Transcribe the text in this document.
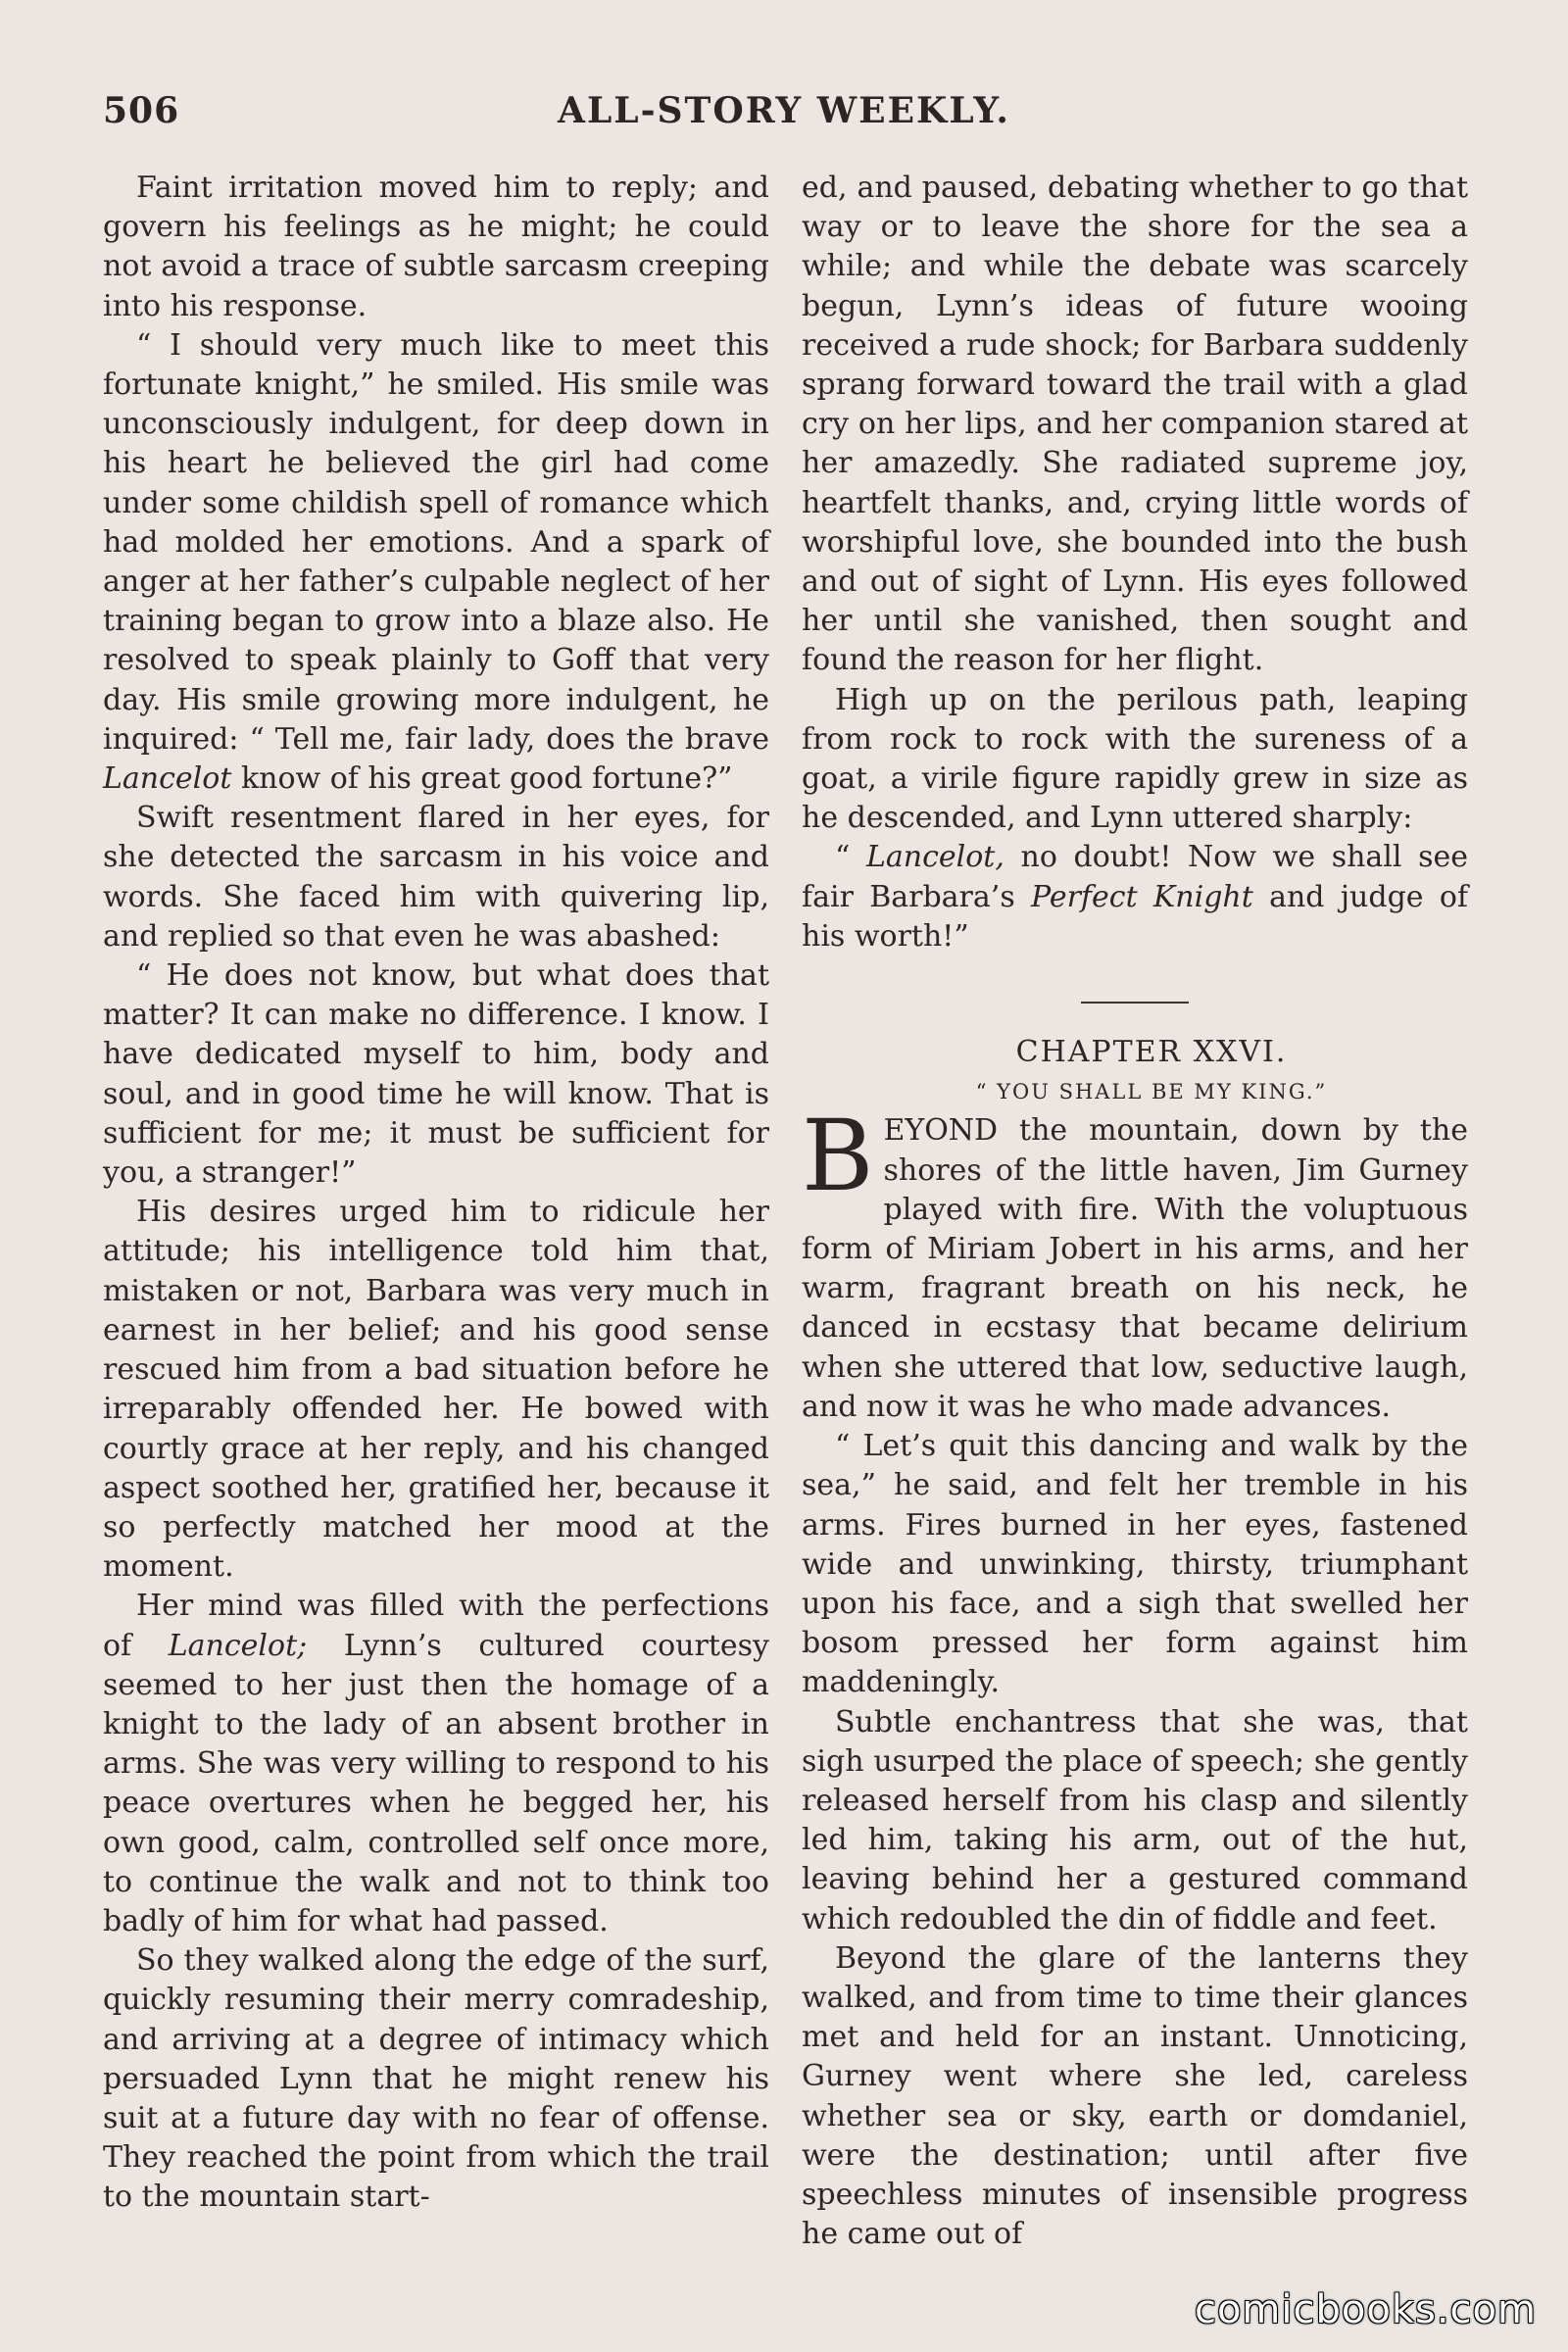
506	ALL-STORY WEEKLY.

Faint irritation moved him to reply; and govern his feelings as he might; he could not avoid a trace of subtle sarcasm creeping into his response.

“ I should very much like to meet this fortunate knight,” he smiled. His smile was unconsciously indulgent, for deep down in his heart he believed the girl had come under some childish spell of romance which had molded her emotions. And a spark of anger at her father’s culpable neglect of her training began to grow into a blaze also. He resolved to speak plainly to Goff that very day. His smile growing more indulgent, he inquired: “ Tell me, fair lady, does the brave Lancelot know of his great good fortune?”

Swift resentment flared in her eyes, for she detected the sarcasm in his voice and words. She faced him with quivering lip, and replied so that even he was abashed:

“ He does not know, but what does that matter? It can make no difference. I know. I have dedicated myself to him, body and soul, and in good time he will know. That is sufficient for me; it must be sufficient for you, a stranger!”

His desires urged him to ridicule her attitude; his intelligence told him that, mistaken or not, Barbara was very much in earnest in her belief; and his good sense rescued him from a bad situation before he irreparably offended her. He bowed with courtly grace at her reply, and his changed aspect soothed her, gratified her, because it so perfectly matched her mood at the moment.

Her mind was filled with the perfections of Lancelot; Lynn’s cultured courtesy seemed to her just then the homage of a knight to the lady of an absent brother in arms. She was very willing to respond to his peace overtures when he begged her, his own good, calm, controlled self once more, to continue the walk and not to think too badly of him for what had passed.

So they walked along the edge of the surf, quickly resuming their merry comradeship, and arriving at a degree of intimacy which persuaded Lynn that he might renew his suit at a future day with no fear of offense. They reached the point from which the trail to the mountain start-

ed, and paused, debating whether to go that way or to leave the shore for the sea a while; and while the debate was scarcely begun, Lynn’s ideas of future wooing received a rude shock; for Barbara suddenly sprang forward toward the trail with a glad cry on her lips, and her companion stared at her amazedly. She radiated supreme joy, heartfelt thanks, and, crying little words of worshipful love, she bounded into the bush and out of sight of Lynn. His eyes followed her until she vanished, then sought and found the reason for her flight.

High up on the perilous path, leaping from rock to rock with the sureness of a goat, a virile figure rapidly grew in size as he descended, and Lynn uttered sharply:

“ Lancelot, no doubt! Now we shall see fair Barbara’s Perfect Knight and judge of his worth!”

CHAPTER XXVI.

“ YOU SHALL BE MY KING.”

BEYOND the mountain, down by the shores of the little haven, Jim Gurney played with fire. With the voluptuous form of Miriam Jobert in his arms, and her warm, fragrant breath on his neck, he danced in ecstasy that became delirium when she uttered that low, seductive laugh, and now it was he who made advances.

“ Let’s quit this dancing and walk by the sea,” he said, and felt her tremble in his arms. Fires burned in her eyes, fastened wide and unwinking, thirsty, triumphant upon his face, and a sigh that swelled her bosom pressed her form against him maddeningly.

Subtle enchantress that she was, that sigh usurped the place of speech; she gently released herself from his clasp and silently led him, taking his arm, out of the hut, leaving behind her a gestured command which redoubled the din of fiddle and feet.

Beyond the glare of the lanterns they walked, and from time to time their glances met and held for an instant. Unnoticing, Gurney went where she led, careless whether sea or sky, earth or domdaniel, were the destination; until after five speechless minutes of insensible progress he came out of

comicbooks.com
